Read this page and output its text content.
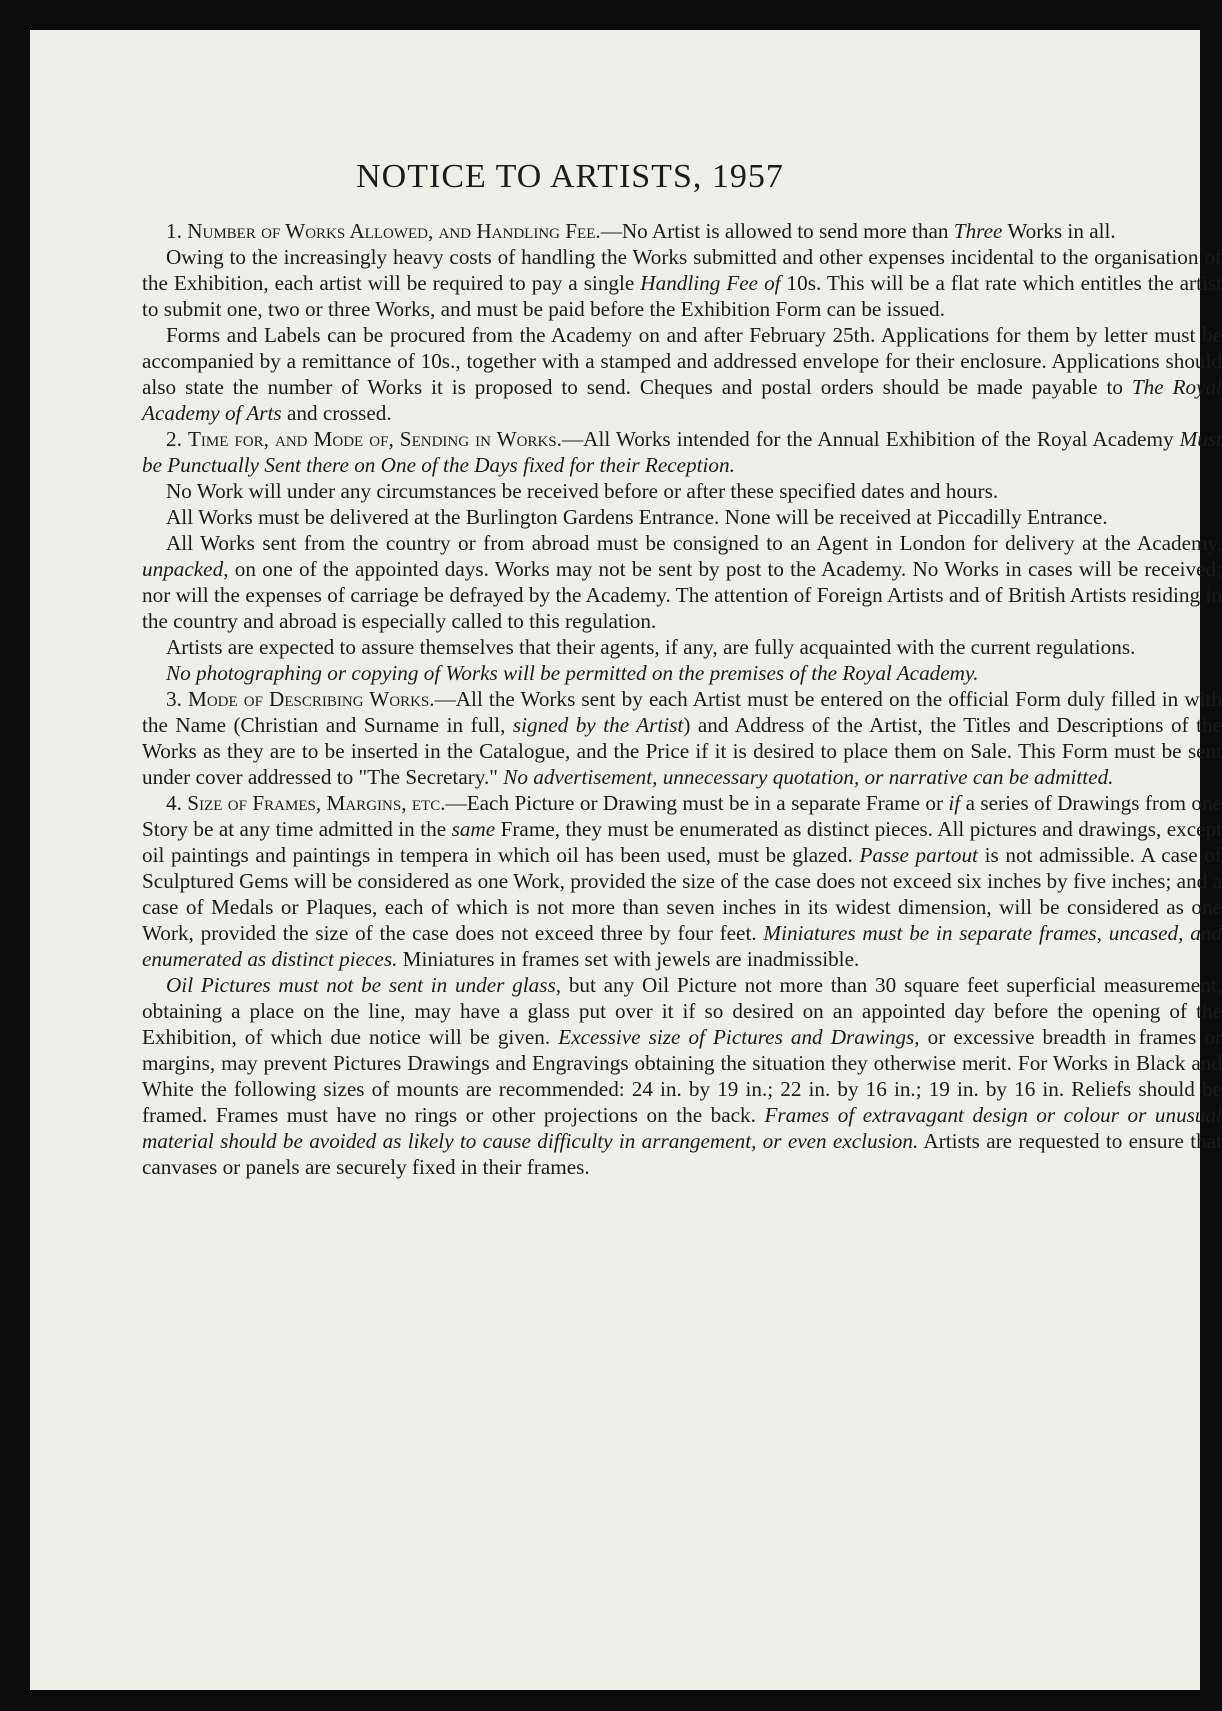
NOTICE TO ARTISTS, 1957

1. Number of Works Allowed, and Handling Fee.—No Artist is allowed to send more than Three Works in all.

Owing to the increasingly heavy costs of handling the Works submitted and other expenses incidental to the organisation of the Exhibition, each artist will be required to pay a single Handling Fee of 10s. This will be a flat rate which entitles the artist to submit one, two or three Works, and must be paid before the Exhibition Form can be issued.

Forms and Labels can be procured from the Academy on and after February 25th. Applications for them by letter must be accompanied by a remittance of 10s., together with a stamped and addressed envelope for their enclosure. Applications should also state the number of Works it is proposed to send. Cheques and postal orders should be made payable to The Royal Academy of Arts and crossed.

2. Time for, and Mode of, Sending in Works.—All Works intended for the Annual Exhibition of the Royal Academy Must be Punctually Sent there on One of the Days fixed for their Reception.

No Work will under any circumstances be received before or after these specified dates and hours.

All Works must be delivered at the Burlington Gardens Entrance. None will be received at Piccadilly Entrance.

All Works sent from the country or from abroad must be consigned to an Agent in London for delivery at the Academy, unpacked, on one of the appointed days. Works may not be sent by post to the Academy. No Works in cases will be received; nor will the expenses of carriage be defrayed by the Academy. The attention of Foreign Artists and of British Artists residing in the country and abroad is especially called to this regulation.

Artists are expected to assure themselves that their agents, if any, are fully acquainted with the current regulations.

No photographing or copying of Works will be permitted on the premises of the Royal Academy.

3. Mode of Describing Works.—All the Works sent by each Artist must be entered on the official Form duly filled in with the Name (Christian and Surname in full, signed by the Artist) and Address of the Artist, the Titles and Descriptions of the Works as they are to be inserted in the Catalogue, and the Price if it is desired to place them on Sale. This Form must be sent under cover addressed to "The Secretary." No advertisement, unnecessary quotation, or narrative can be admitted.

4. Size of Frames, Margins, etc.—Each Picture or Drawing must be in a separate Frame or if a series of Drawings from one Story be at any time admitted in the same Frame, they must be enumerated as distinct pieces. All pictures and drawings, except oil paintings and paintings in tempera in which oil has been used, must be glazed. Passe partout is not admissible. A case of Sculptured Gems will be considered as one Work, provided the size of the case does not exceed six inches by five inches; and a case of Medals or Plaques, each of which is not more than seven inches in its widest dimension, will be considered as one Work, provided the size of the case does not exceed three by four feet. Miniatures must be in separate frames, uncased, and enumerated as distinct pieces. Miniatures in frames set with jewels are inadmissible.

Oil Pictures must not be sent in under glass, but any Oil Picture not more than 30 square feet superficial measurement, obtaining a place on the line, may have a glass put over it if so desired on an appointed day before the opening of the Exhibition, of which due notice will be given. Excessive size of Pictures and Drawings, or excessive breadth in frames or margins, may prevent Pictures Drawings and Engravings obtaining the situation they otherwise merit. For Works in Black and White the following sizes of mounts are recommended: 24 in. by 19 in.; 22 in. by 16 in.; 19 in. by 16 in. Reliefs should be framed. Frames must have no rings or other projections on the back. Frames of extravagant design or colour or unusual material should be avoided as likely to cause difficulty in arrangement, or even exclusion. Artists are requested to ensure that canvases or panels are securely fixed in their frames.
